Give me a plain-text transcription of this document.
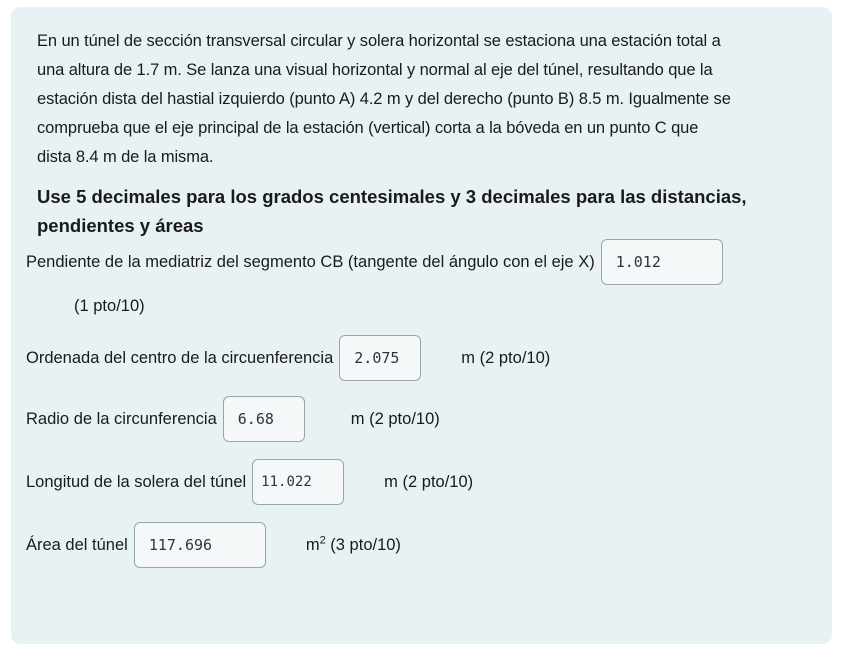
En un túnel de sección transversal circular y solera horizontal se estaciona una estación total a
una altura de 1.7 m. Se lanza una visual horizontal y normal al eje del túnel, resultando que la
estación dista del hastial izquierdo (punto A) 4.2 m y del derecho (punto B) 8.5 m. Igualmente se
comprueba que el eje principal de la estación (vertical) corta a la bóveda en un punto C que
dista 8.4 m de la misma.

Use 5 decimales para los grados centesimales y 3 decimales para las distancias, pendientes y áreas

Pendiente de la mediatriz del segmento CB (tangente del ángulo con el eje X)	1.012
(1 pto/10)
Ordenada del centro de la circuenferencia	2.075	m (2 pto/10)
Radio de la circunferencia	6.68	m (2 pto/10)
Longitud de la solera del túnel	11.022	m (2 pto/10)
Área del túnel	117.696	$m^2$ (3 pto/10)
